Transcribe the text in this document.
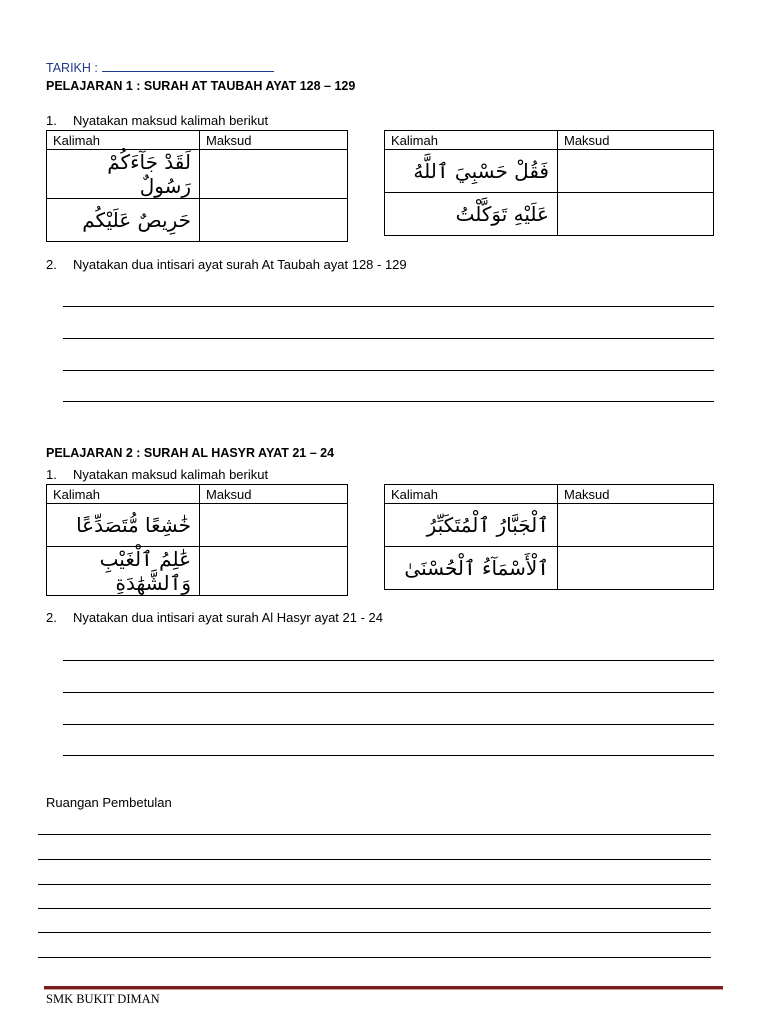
TARIKH :
PELAJARAN 1 : SURAH AT TAUBAH AYAT 128 – 129
1. Nyatakan maksud kalimah berikut
Kalimah	Maksud
لَقَدْ جَآءَكُمْ رَسُولٌ	
حَرِيصٌ عَلَيْكُم	
Kalimah	Maksud
فَقُلْ حَسْبِيَ ٱللَّهُ	
عَلَيْهِ تَوَكَّلْتُ	
2. Nyatakan dua intisari ayat surah At Taubah ayat 128 - 129
PELAJARAN 2 : SURAH AL HASYR AYAT 21 – 24
1. Nyatakan maksud kalimah berikut
Kalimah	Maksud
خَٰشِعًا مُّتَصَدِّعًا	
عَٰلِمُ ٱلْغَيْبِ وَٱلشَّهَٰدَةِ	
Kalimah	Maksud
ٱلْجَبَّارُ ٱلْمُتَكَبِّرُ	
ٱلْأَسْمَآءُ ٱلْحُسْنَىٰ	
2. Nyatakan dua intisari ayat surah Al Hasyr ayat 21 - 24
Ruangan Pembetulan
SMK BUKIT DIMAN
